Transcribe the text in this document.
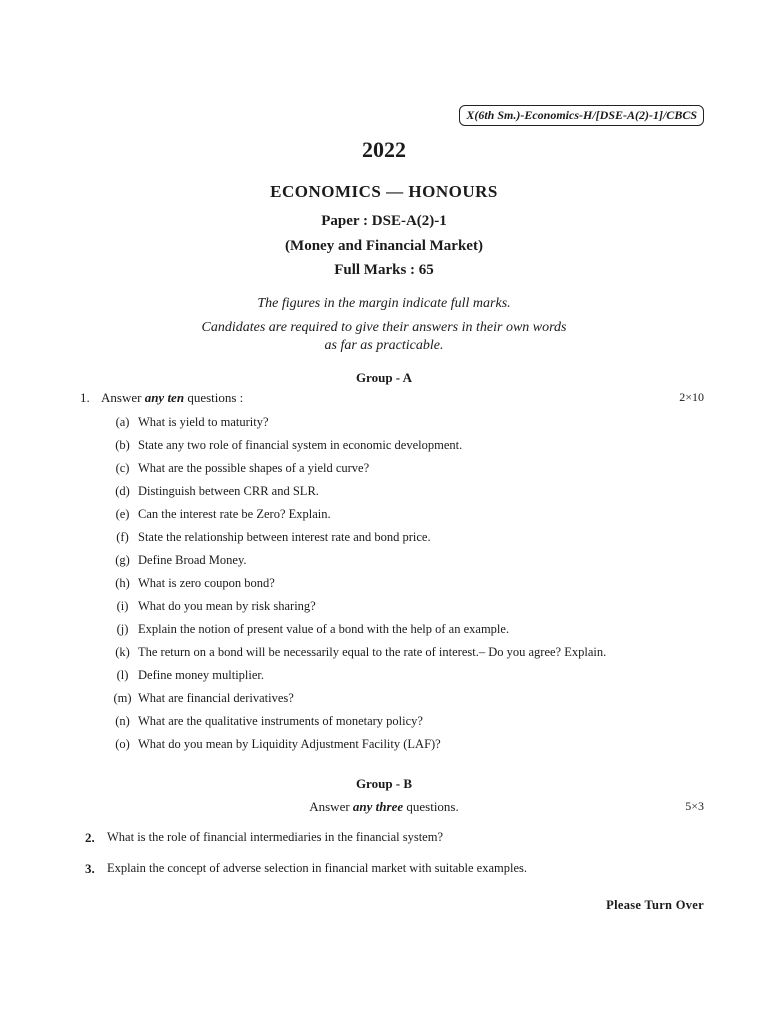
X(6th Sm.)-Economics-H/[DSE-A(2)-1]/CBCS
2022
ECONOMICS — HONOURS
Paper : DSE-A(2)-1
(Money and Financial Market)
Full Marks : 65
The figures in the margin indicate full marks.
Candidates are required to give their answers in their own words
as far as practicable.
Group - A
1. Answer any ten questions :	2×10
(a) What is yield to maturity?
(b) State any two role of financial system in economic development.
(c) What are the possible shapes of a yield curve?
(d) Distinguish between CRR and SLR.
(e) Can the interest rate be Zero? Explain.
(f) State the relationship between interest rate and bond price.
(g) Define Broad Money.
(h) What is zero coupon bond?
(i) What do you mean by risk sharing?
(j) Explain the notion of present value of a bond with the help of an example.
(k) The return on a bond will be necessarily equal to the rate of interest.– Do you agree? Explain.
(l) Define money multiplier.
(m) What are financial derivatives?
(n) What are the qualitative instruments of monetary policy?
(o) What do you mean by Liquidity Adjustment Facility (LAF)?
Group - B
Answer any three questions.	5×3
2. What is the role of financial intermediaries in the financial system?
3. Explain the concept of adverse selection in financial market with suitable examples.
Please Turn Over
